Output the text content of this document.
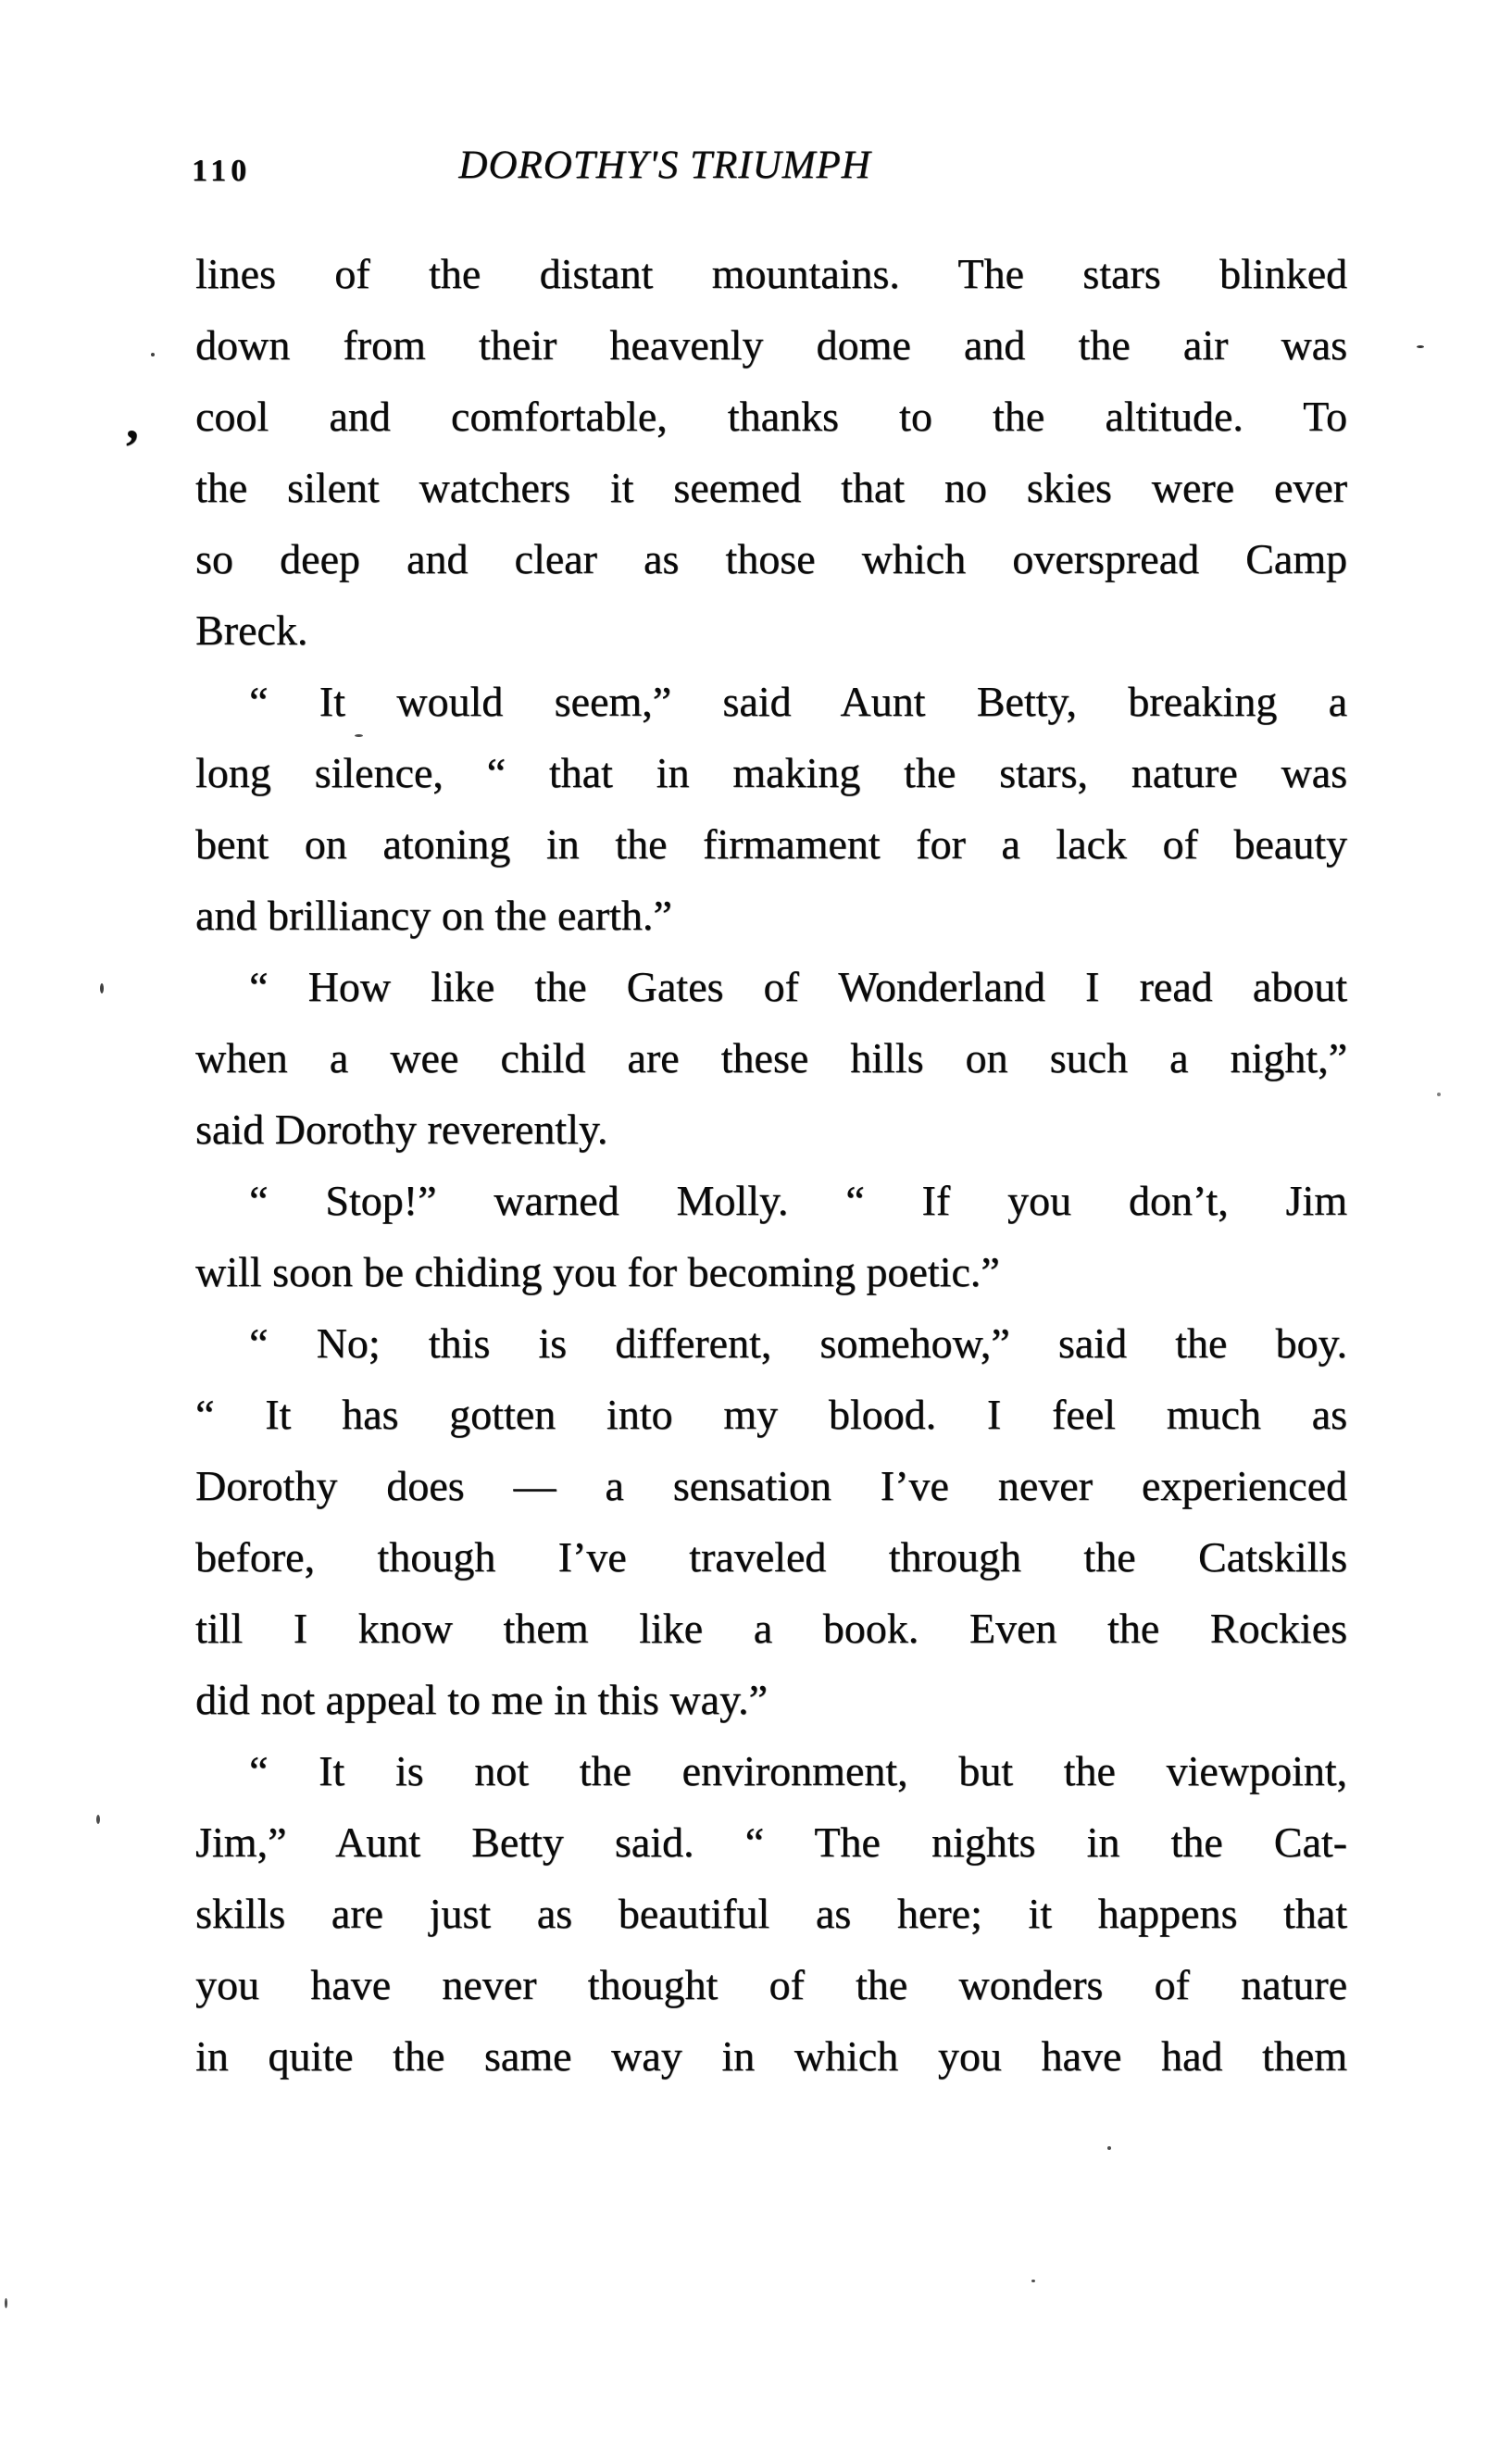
110	DOROTHY'S TRIUMPH
lines of the distant mountains. The stars blinked
down from their heavenly dome and the air was
cool and comfortable, thanks to the altitude. To
the silent watchers it seemed that no skies were ever
so deep and clear as those which overspread Camp
Breck.
“ It would seem,” said Aunt Betty, breaking a
long silence, “ that in making the stars, nature was
bent on atoning in the firmament for a lack of beauty
and brilliancy on the earth.”
“ How like the Gates of Wonderland I read about
when a wee child are these hills on such a night,”
said Dorothy reverently.
“ Stop!” warned Molly. “ If you don’t, Jim
will soon be chiding you for becoming poetic.”
“ No; this is different, somehow,” said the boy.
“ It has gotten into my blood. I feel much as
Dorothy does — a sensation I’ve never experienced
before, though I’ve traveled through the Catskills
till I know them like a book. Even the Rockies
did not appeal to me in this way.”
“ It is not the environment, but the viewpoint,
Jim,” Aunt Betty said. “ The nights in the Cat-
skills are just as beautiful as here; it happens that
you have never thought of the wonders of nature
in quite the same way in which you have had them
,
